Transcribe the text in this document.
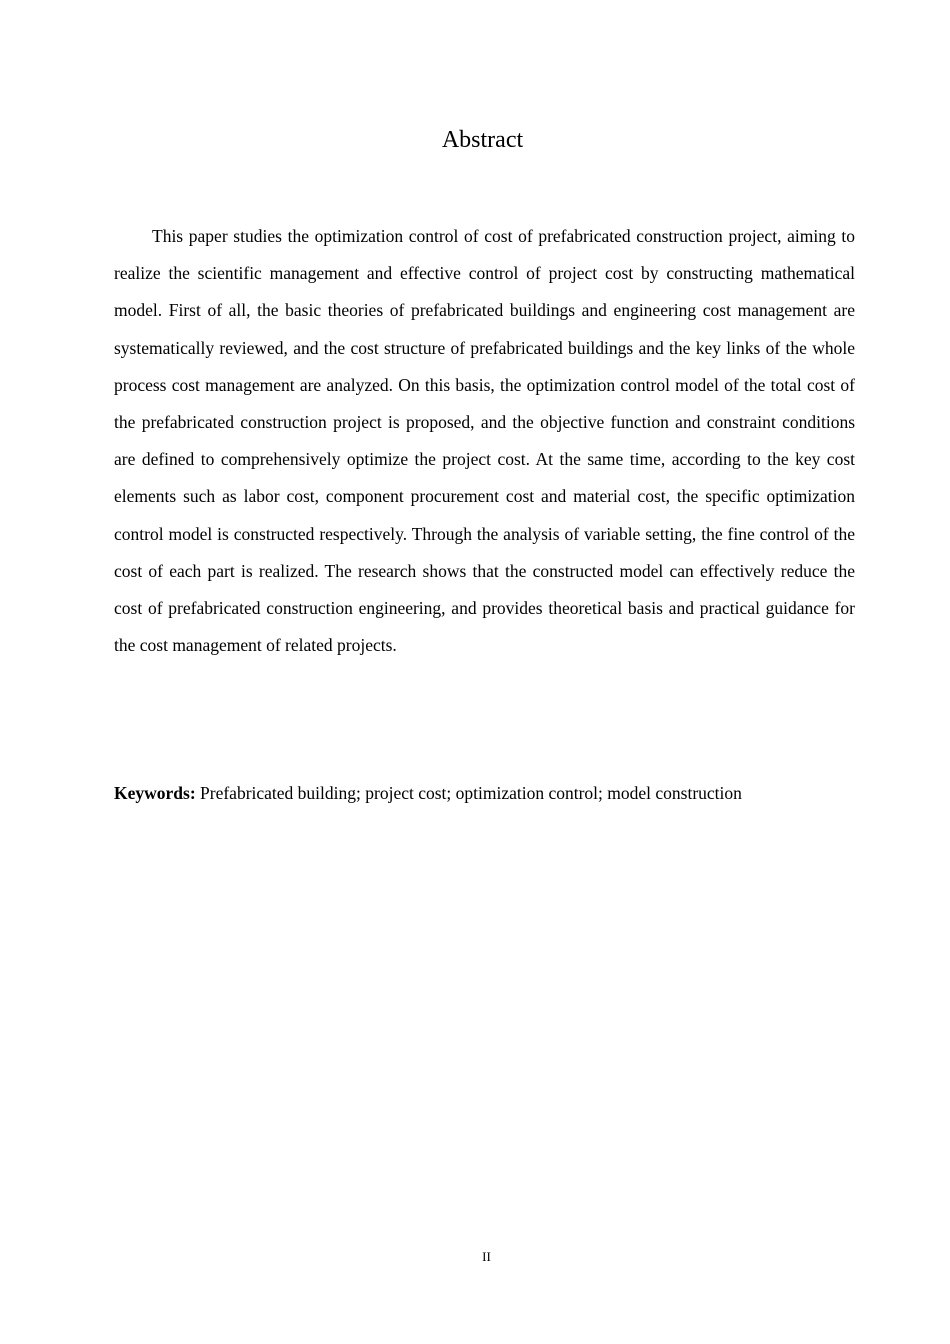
Abstract

This paper studies the optimization control of cost of prefabricated construction project, aiming to realize the scientific management and effective control of project cost by constructing mathematical model. First of all, the basic theories of prefabricated buildings and engineering cost management are systematically reviewed, and the cost structure of prefabricated buildings and the key links of the whole process cost management are analyzed. On this basis, the optimization control model of the total cost of the prefabricated construction project is proposed, and the objective function and constraint conditions are defined to comprehensively optimize the project cost. At the same time, according to the key cost elements such as labor cost, component procurement cost and material cost, the specific optimization control model is constructed respectively. Through the analysis of variable setting, the fine control of the cost of each part is realized. The research shows that the constructed model can effectively reduce the cost of prefabricated construction engineering, and provides theoretical basis and practical guidance for the cost management of related projects.

Keywords: Prefabricated building; project cost; optimization control; model construction

II
